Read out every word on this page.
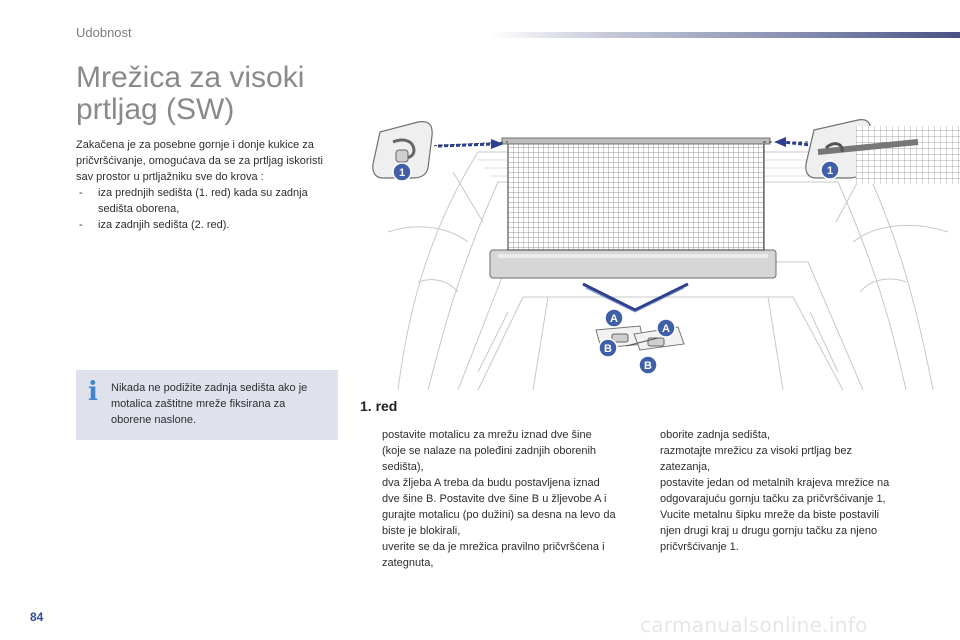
Udobnost
Mrežica za visoki prtljag (SW)

Zakačena je za posebne gornje i donje kukice za pričvršćivanje, omogućava da se za prtljag iskoristi sav prostor u prtljažniku sve do krova :

- iza prednjih sedišta (1. red) kada su zadnja sedišta oborena,
- iza zadnjih sedišta (2. red).
i Nikada ne podižite zadnja sedišta ako je motalica zaštitne mreže fiksirana za oborene naslone.
1	1
A
A
B
B
1. red
postavite motalicu za mrežu iznad dve šine (koje se nalaze na poleđini zadnjih oborenih sedišta),
dva žljeba A treba da budu postavljena iznad dve šine B. Postavite dve šine B u žljevobe A i gurajte motalicu (po dužini) sa desna na levo da biste je blokirali,
uverite se da je mrežica pravilno pričvršćena i zategnuta,
oborite zadnja sedišta,
razmotajte mrežicu za visoki prtljag bez zatezanja,
postavite jedan od metalnih krajeva mrežice na odgovarajuću gornju tačku za pričvršćivanje 1,
Vucite metalnu šipku mreže da biste postavili njen drugi kraj u drugu gornju tačku za njeno pričvršćivanje 1.
84	carmanualsonline.info
